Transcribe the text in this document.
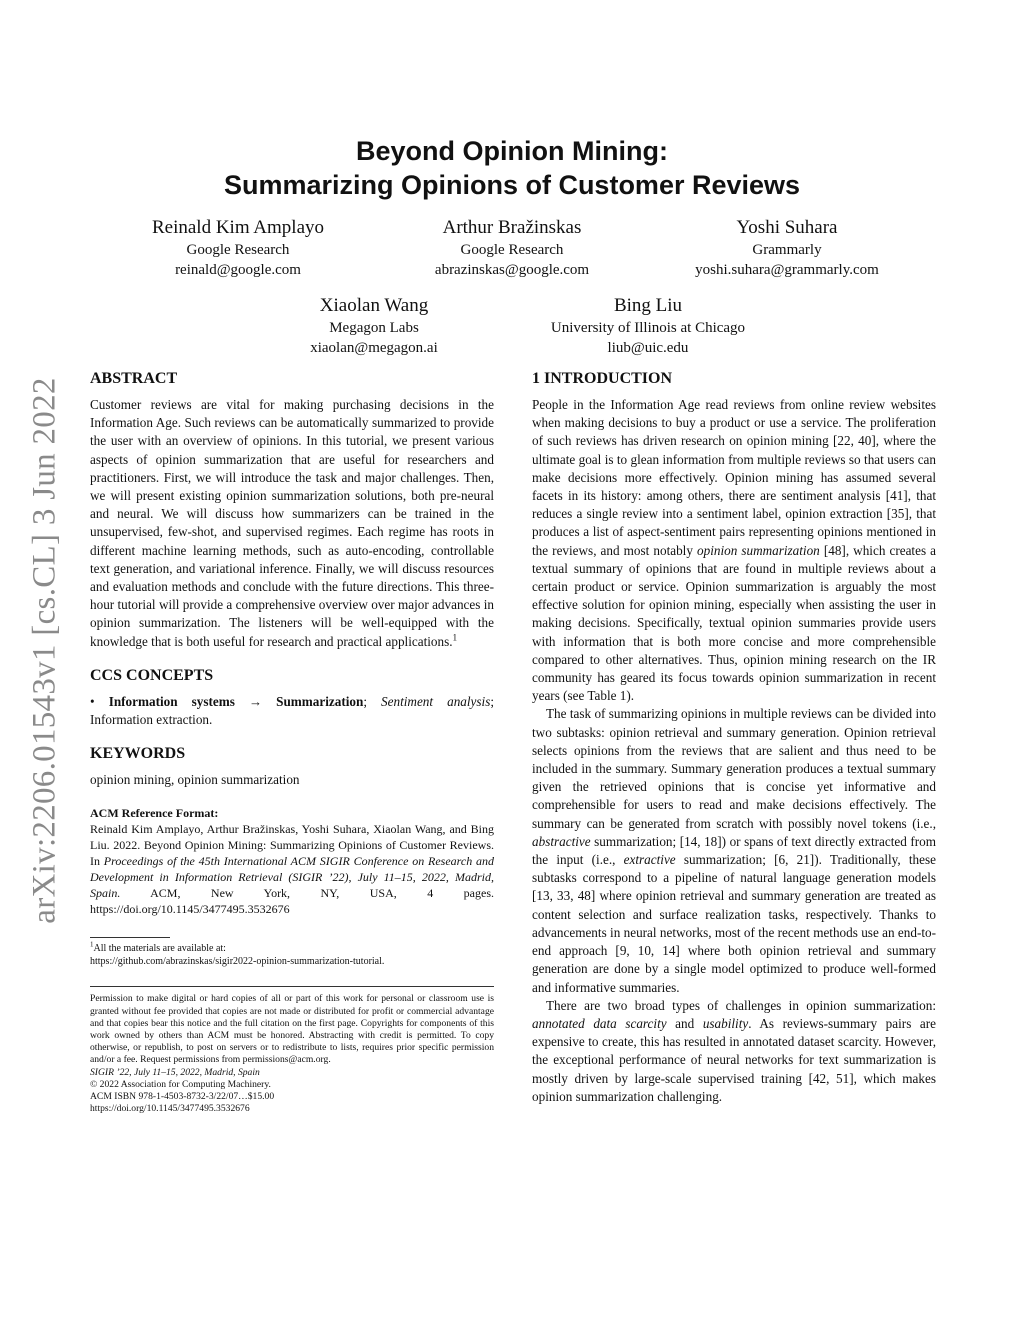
arXiv:2206.01543v1 [cs.CL] 3 Jun 2022
Beyond Opinion Mining:
Summarizing Opinions of Customer Reviews
Reinald Kim Amplayo
Google Research
reinald@google.com
Arthur Bražinskas
Google Research
abrazinskas@google.com
Yoshi Suhara
Grammarly
yoshi.suhara@grammarly.com
Xiaolan Wang
Megagon Labs
xiaolan@megagon.ai
Bing Liu
University of Illinois at Chicago
liub@uic.edu
ABSTRACT

Customer reviews are vital for making purchasing decisions in the Information Age. Such reviews can be automatically summarized to provide the user with an overview of opinions. In this tutorial, we present various aspects of opinion summarization that are useful for researchers and practitioners. First, we will introduce the task and major challenges. Then, we will present existing opinion summarization solutions, both pre-neural and neural. We will discuss how summarizers can be trained in the unsupervised, few-shot, and supervised regimes. Each regime has roots in different machine learning methods, such as auto-encoding, controllable text generation, and variational inference. Finally, we will discuss resources and evaluation methods and conclude with the future directions. This three-hour tutorial will provide a comprehensive overview over major advances in opinion summarization. The listeners will be well-equipped with the knowledge that is both useful for research and practical applications.$^1$

CCS CONCEPTS

• Information systems → Summarization; Sentiment analysis; Information extraction.

KEYWORDS

opinion mining, opinion summarization

ACM Reference Format:

Reinald Kim Amplayo, Arthur Bražinskas, Yoshi Suhara, Xiaolan Wang, and Bing Liu. 2022. Beyond Opinion Mining: Summarizing Opinions of Customer Reviews. In Proceedings of the 45th International ACM SIGIR Conference on Research and Development in Information Retrieval (SIGIR ’22), July 11–15, 2022, Madrid, Spain. ACM, New York, NY, USA, 4 pages. https://doi.org/10.1145/3477495.3532676

$^1$All the materials are available at:
https://github.com/abrazinskas/sigir2022-opinion-summarization-tutorial.

Permission to make digital or hard copies of all or part of this work for personal or classroom use is granted without fee provided that copies are not made or distributed for profit or commercial advantage and that copies bear this notice and the full citation on the first page. Copyrights for components of this work owned by others than ACM must be honored. Abstracting with credit is permitted. To copy otherwise, or republish, to post on servers or to redistribute to lists, requires prior specific permission and/or a fee. Request permissions from permissions@acm.org.

SIGIR ’22, July 11–15, 2022, Madrid, Spain
© 2022 Association for Computing Machinery.
ACM ISBN 978-1-4503-8732-3/22/07…$15.00
https://doi.org/10.1145/3477495.3532676
1 INTRODUCTION

People in the Information Age read reviews from online review websites when making decisions to buy a product or use a service. The proliferation of such reviews has driven research on opinion mining [22, 40], where the ultimate goal is to glean information from multiple reviews so that users can make decisions more effectively. Opinion mining has assumed several facets in its history: among others, there are sentiment analysis [41], that reduces a single review into a sentiment label, opinion extraction [35], that produces a list of aspect-sentiment pairs representing opinions mentioned in the reviews, and most notably opinion summarization [48], which creates a textual summary of opinions that are found in multiple reviews about a certain product or service. Opinion summarization is arguably the most effective solution for opinion mining, especially when assisting the user in making decisions. Specifically, textual opinion summaries provide users with information that is both more concise and more comprehensible compared to other alternatives. Thus, opinion mining research on the IR community has geared its focus towards opinion summarization in recent years (see Table 1).

The task of summarizing opinions in multiple reviews can be divided into two subtasks: opinion retrieval and summary generation. Opinion retrieval selects opinions from the reviews that are salient and thus need to be included in the summary. Summary generation produces a textual summary given the retrieved opinions that is concise yet informative and comprehensible for users to read and make decisions effectively. The summary can be generated from scratch with possibly novel tokens (i.e., abstractive summarization; [14, 18]) or spans of text directly extracted from the input (i.e., extractive summarization; [6, 21]). Traditionally, these subtasks correspond to a pipeline of natural language generation models [13, 33, 48] where opinion retrieval and summary generation are treated as content selection and surface realization tasks, respectively. Thanks to advancements in neural networks, most of the recent methods use an end-to-end approach [9, 10, 14] where both opinion retrieval and summary generation are done by a single model optimized to produce well-formed and informative summaries.

There are two broad types of challenges in opinion summarization: annotated data scarcity and usability. As reviews-summary pairs are expensive to create, this has resulted in annotated dataset scarcity. However, the exceptional performance of neural networks for text summarization is mostly driven by large-scale supervised training [42, 51], which makes opinion summarization challenging.
